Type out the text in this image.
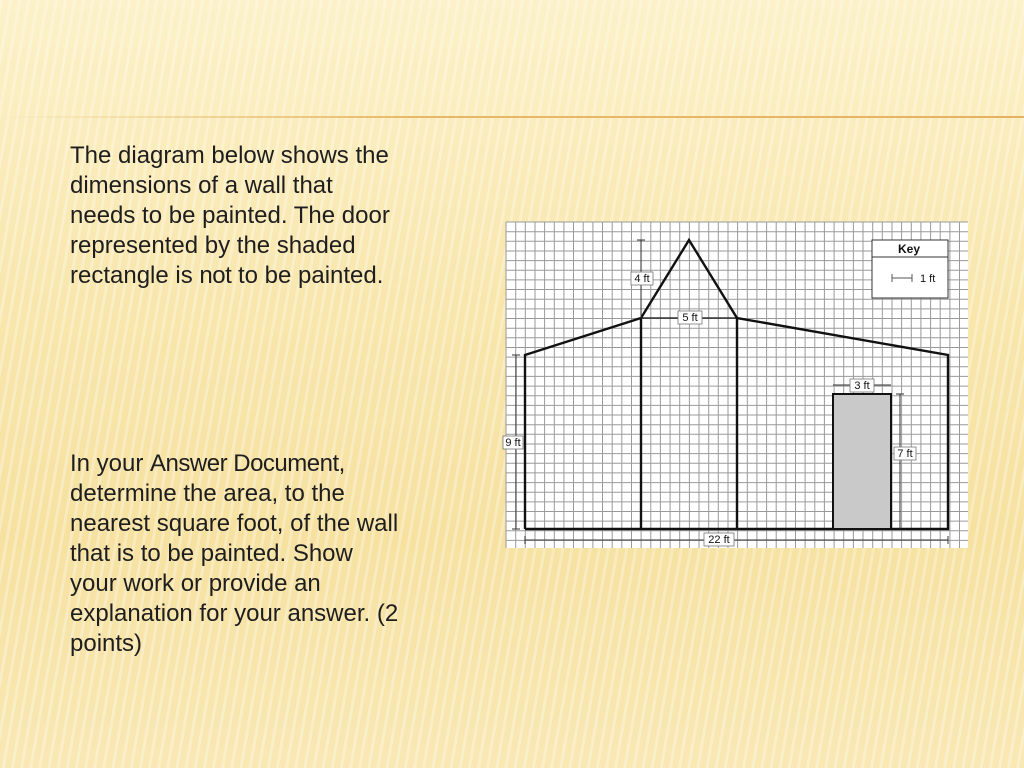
The diagram below shows the
dimensions of a wall that
needs to be painted. The door
represented by the shaded
rectangle is not to be painted.

In your Answer Document,
determine the area, to the
nearest square foot, of the wall
that is to be painted. Show
your work or provide an
explanation for your answer. (2
points)

4 ft
5 ft
3 ft
9 ft
7 ft
22 ft
Key
1 ft
